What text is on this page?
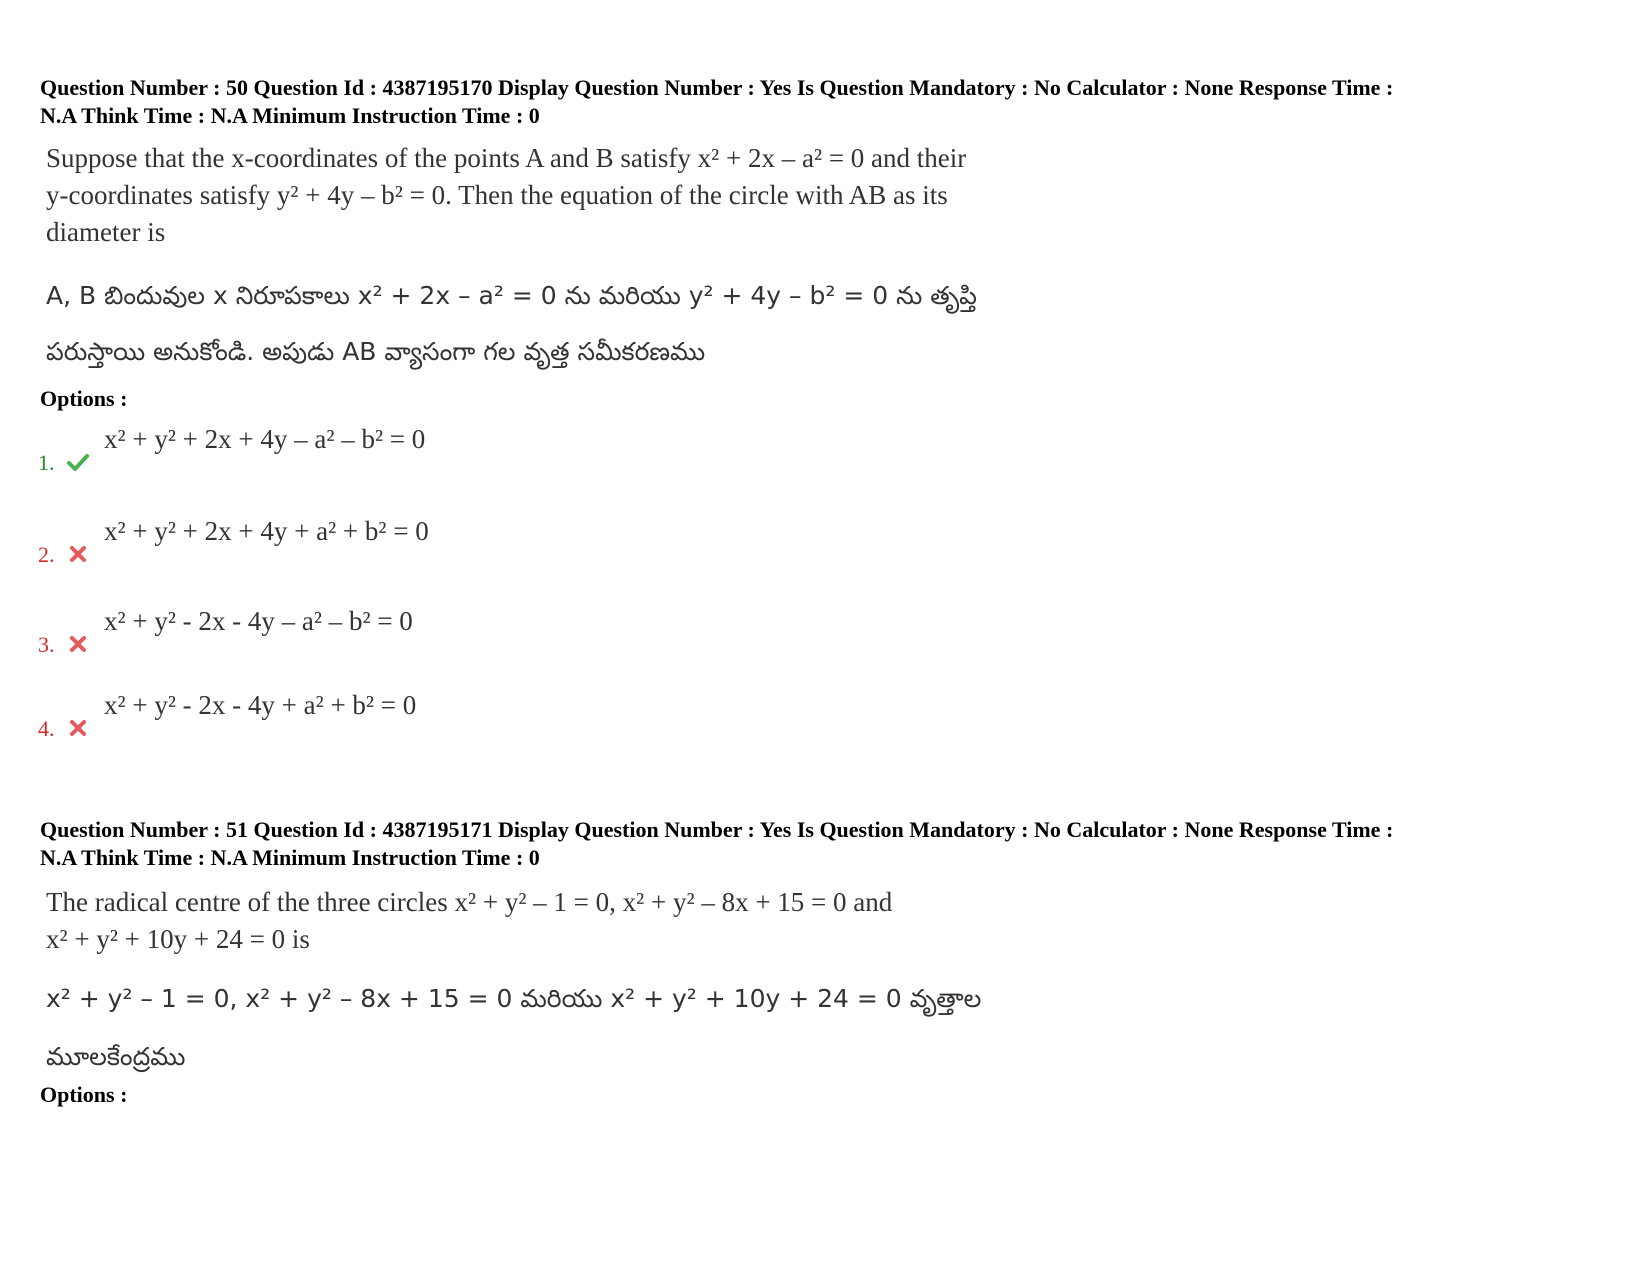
Question Number : 50 Question Id : 4387195170 Display Question Number : Yes Is Question Mandatory : No Calculator : None Response Time :
N.A Think Time : N.A Minimum Instruction Time : 0
Suppose that the x-coordinates of the points A and B satisfy x² + 2x – a² = 0 and their
y-coordinates satisfy y² + 4y – b² = 0. Then the equation of the circle with AB as its
diameter is
A, B బిందువుల x నిరూపకాలు x² + 2x – a² = 0 ను మరియు y² + 4y – b² = 0 ను తృప్తి
పరుస్తాయి అనుకోండి. అపుడు AB వ్యాసంగా గల వృత్త సమీకరణము
Options :
1.
x² + y² + 2x + 4y – a² – b² = 0
2.
x² + y² + 2x + 4y + a² + b² = 0
3.
x² + y² - 2x - 4y – a² – b² = 0
4.
x² + y² - 2x - 4y + a² + b² = 0
Question Number : 51 Question Id : 4387195171 Display Question Number : Yes Is Question Mandatory : No Calculator : None Response Time :
N.A Think Time : N.A Minimum Instruction Time : 0
The radical centre of the three circles x² + y² – 1 = 0, x² + y² – 8x + 15 = 0 and
x² + y² + 10y + 24 = 0 is
x² + y² – 1 = 0, x² + y² – 8x + 15 = 0 మరియు x² + y² + 10y + 24 = 0 వృత్తాల
మూలకేంద్రము
Options :
